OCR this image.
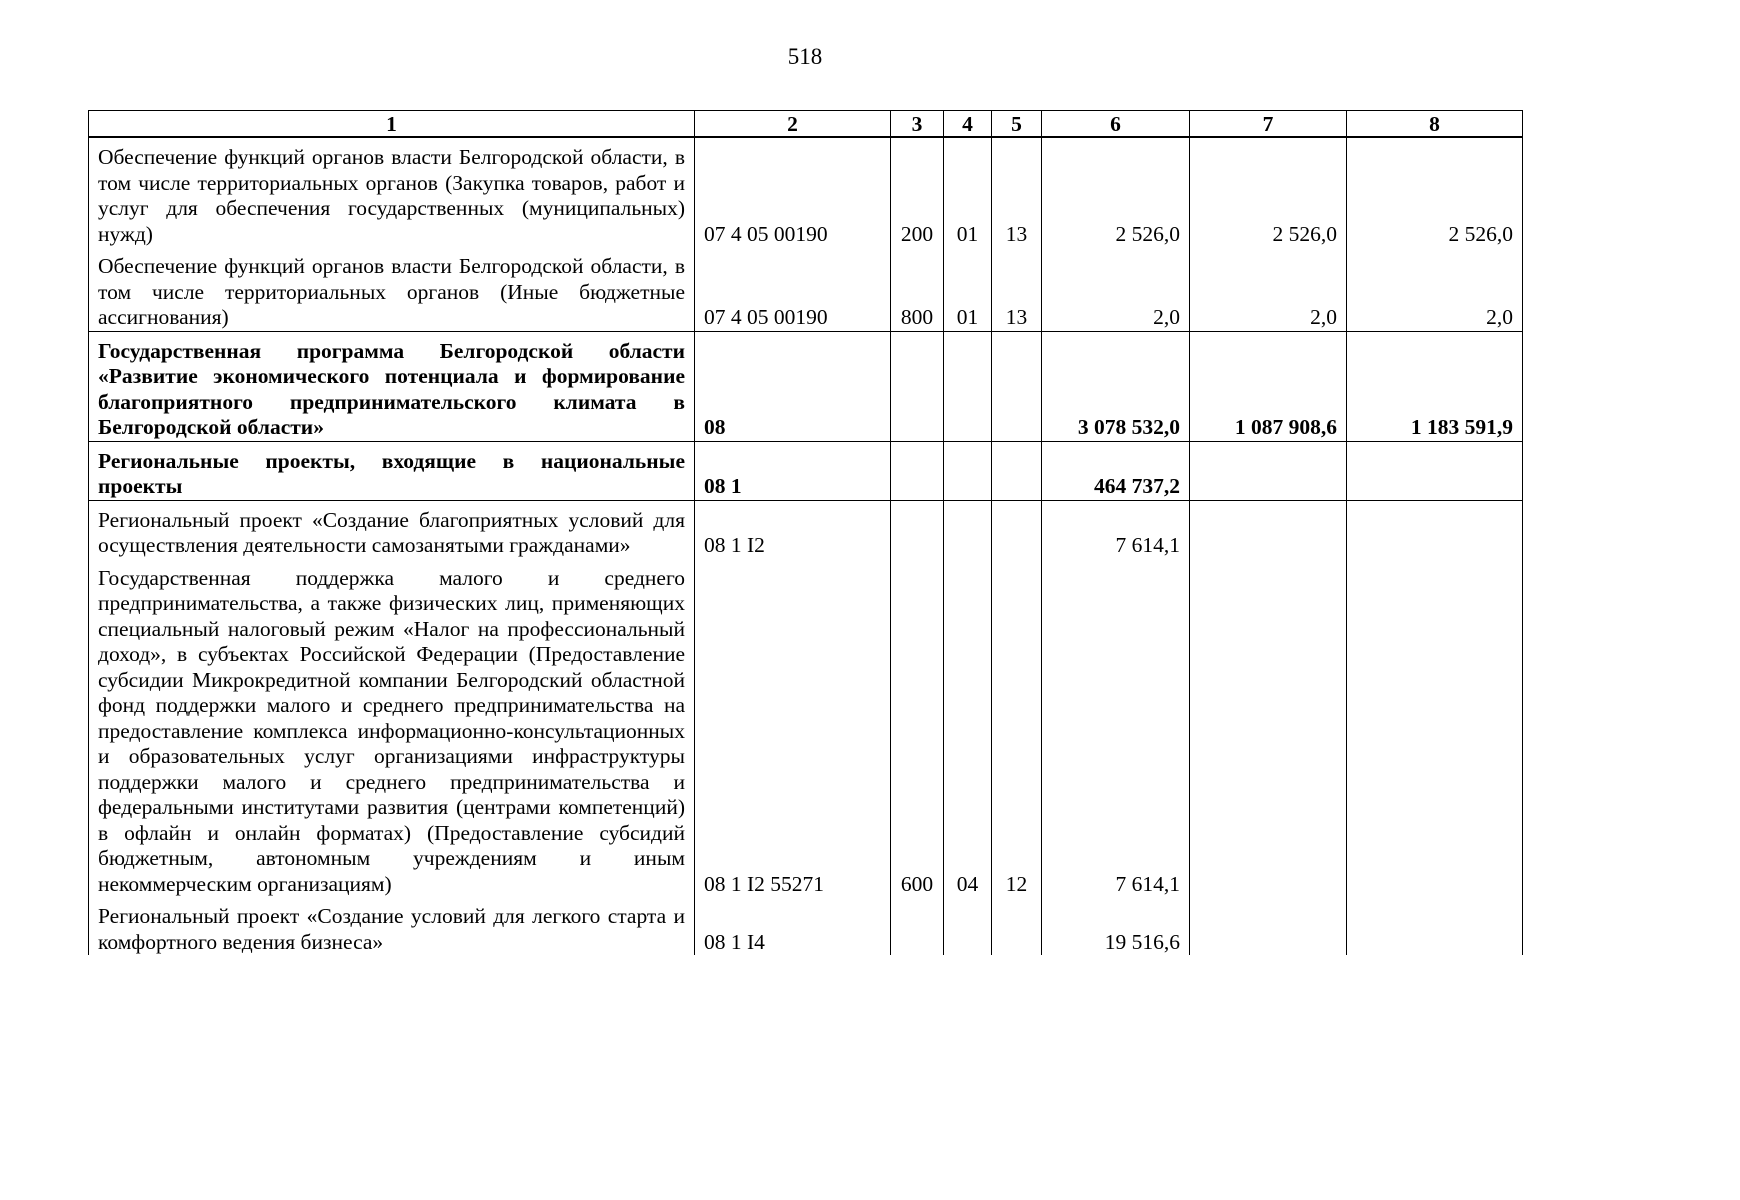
518
1	2	3	4	5	6	7	8
Обеспечение функций органов власти Белгородской области, в том числе территориальных органов (Закупка товаров, работ и услуг для обеспечения государственных (муниципальных) нужд)	07 4 05 00190	200	01	13	2 526,0	2 526,0	2 526,0
Обеспечение функций органов власти Белгородской области, в том числе территориальных органов (Иные бюджетные ассигнования)	07 4 05 00190	800	01	13	2,0	2,0	2,0
Государственная программа Белгородской области «Развитие экономического потенциала и формирование благоприятного предпринимательского климата в Белгородской области»	08				3 078 532,0	1 087 908,6	1 183 591,9
Региональные проекты, входящие в национальные проекты	08 1				464 737,2		
Региональный проект «Создание благоприятных условий для осуществления деятельности самозанятыми гражданами»	08 1 I2				7 614,1		
Государственная поддержка малого и среднего предпринимательства, а также физических лиц, применяющих специальный налоговый режим «Налог на профессиональный доход», в субъектах Российской Федерации (Предоставление субсидии Микрокредитной компании Белгородский областной фонд поддержки малого и среднего предпринимательства на предоставление комплекса информационно-консультационных и образовательных услуг организациями инфраструктуры поддержки малого и среднего предпринимательства и федеральными институтами развития (центрами компетенций) в офлайн и онлайн форматах) (Предоставление субсидий бюджетным, автономным учреждениям и иным некоммерческим организациям)	08 1 I2 55271	600	04	12	7 614,1		
Региональный проект «Создание условий для легкого старта и комфортного ведения бизнеса»	08 1 I4				19 516,6		
